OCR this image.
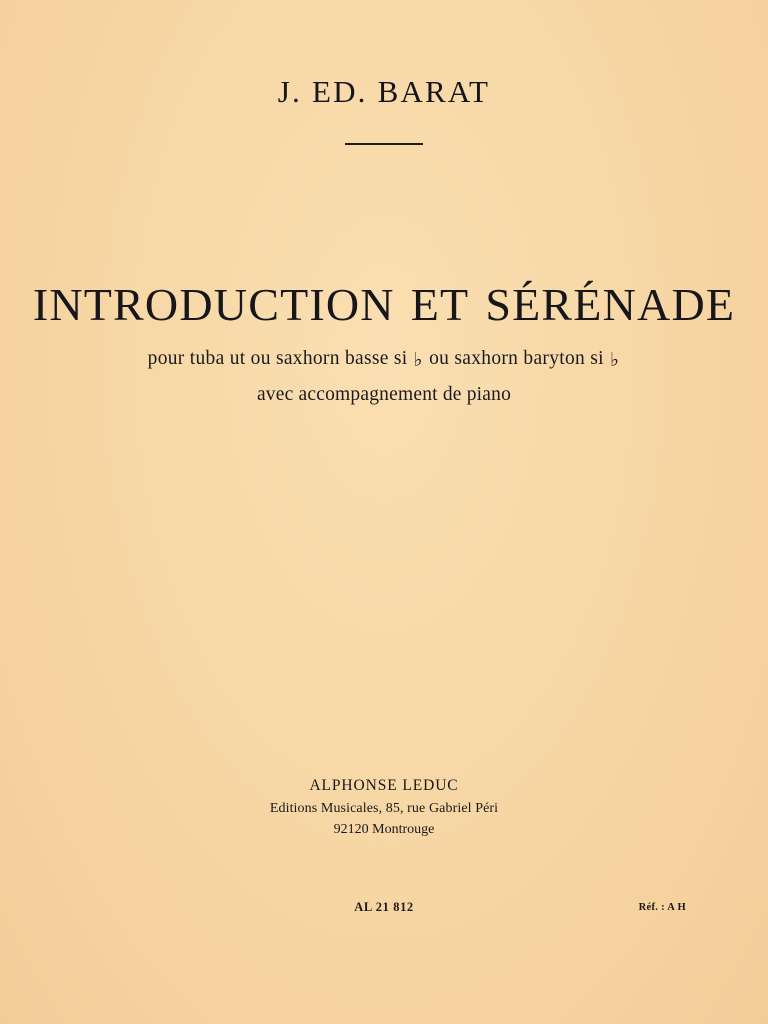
J. ED. BARAT
INTRODUCTION ET SÉRÉNADE
pour tuba ut ou saxhorn basse si ♭ ou saxhorn baryton si ♭
avec accompagnement de piano
ALPHONSE LEDUC
Editions Musicales, 85, rue Gabriel Péri
92120 Montrouge
AL 21 812	Réf. : A H
